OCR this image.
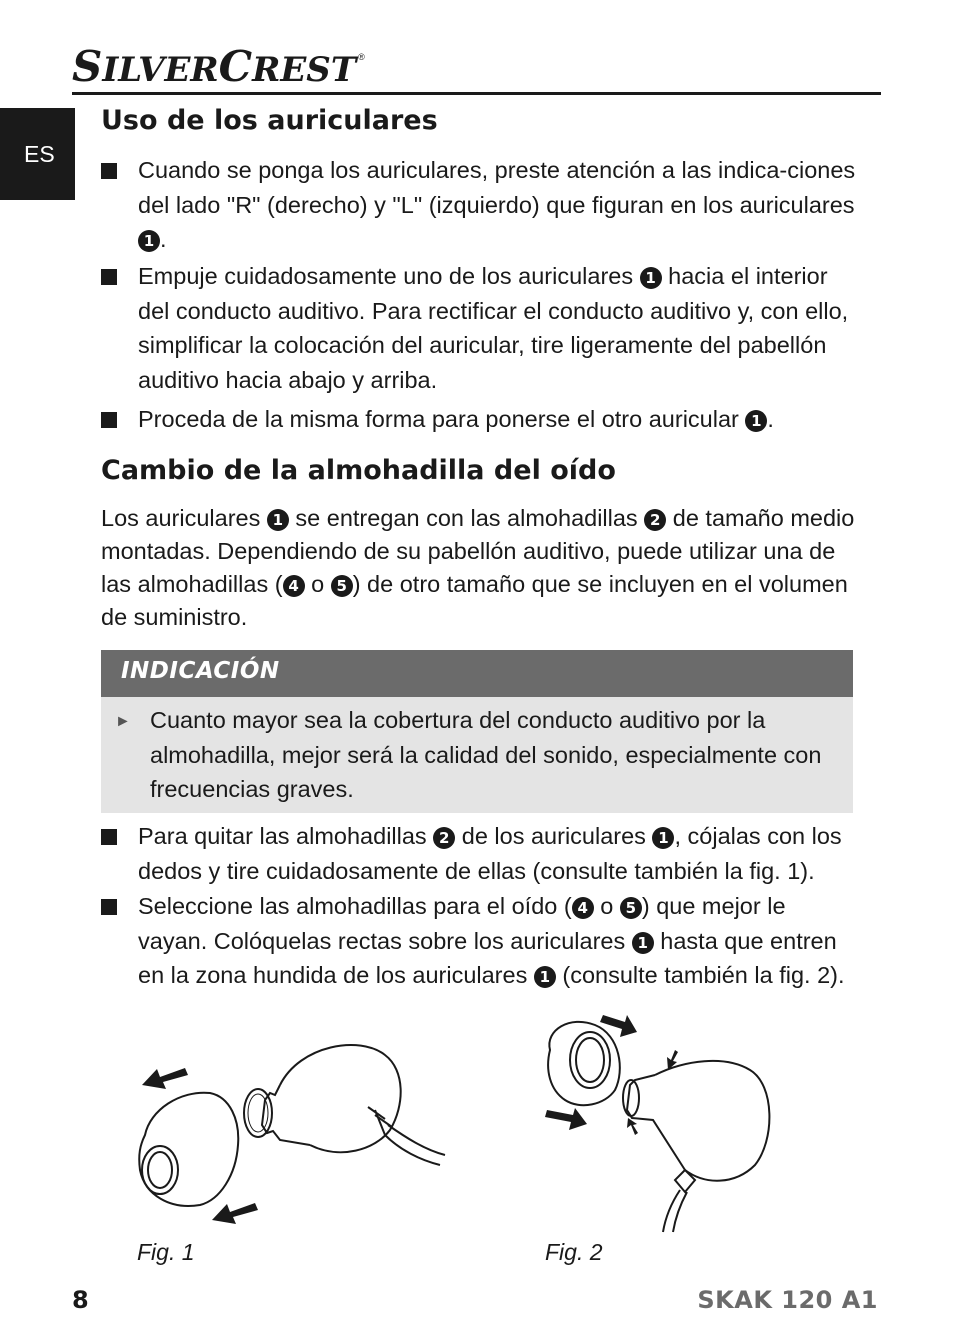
SILVERCREST ®
ES
Uso de los auriculares
Cuando se ponga los auriculares, preste atención a las indica-ciones del lado "R" (derecho) y "L" (izquierdo) que figuran en los auriculares 1 .
Empuje cuidadosamente uno de los auriculares 1 hacia el interior del conducto auditivo. Para rectificar el conducto auditivo y, con ello, simplificar la colocación del auricular, tire ligeramente del pabellón auditivo hacia abajo y arriba.
Proceda de la misma forma para ponerse el otro auricular 1 .
Cambio de la almohadilla del oído
Los auriculares 1 se entregan con las almohadillas 2 de tamaño medio montadas. Dependiendo de su pabellón auditivo, puede utilizar una de las almohadillas ( 4 o 5 ) de otro tamaño que se incluyen en el volumen de suministro.
INDICACIÓN
► Cuanto mayor sea la cobertura del conducto auditivo por la almohadilla, mejor será la calidad del sonido, especialmente con frecuencias graves.
Para quitar las almohadillas 2 de los auriculares 1 , cójalas con los dedos y tire cuidadosamente de ellas (consulte también la fig. 1).
Seleccione las almohadillas para el oído ( 4 o 5 ) que mejor le vayan. Colóquelas rectas sobre los auriculares 1 hasta que entren en la zona hundida de los auriculares 1 (consulte también la fig. 2).
Fig. 1	Fig. 2
8	SKAK 120 A1
